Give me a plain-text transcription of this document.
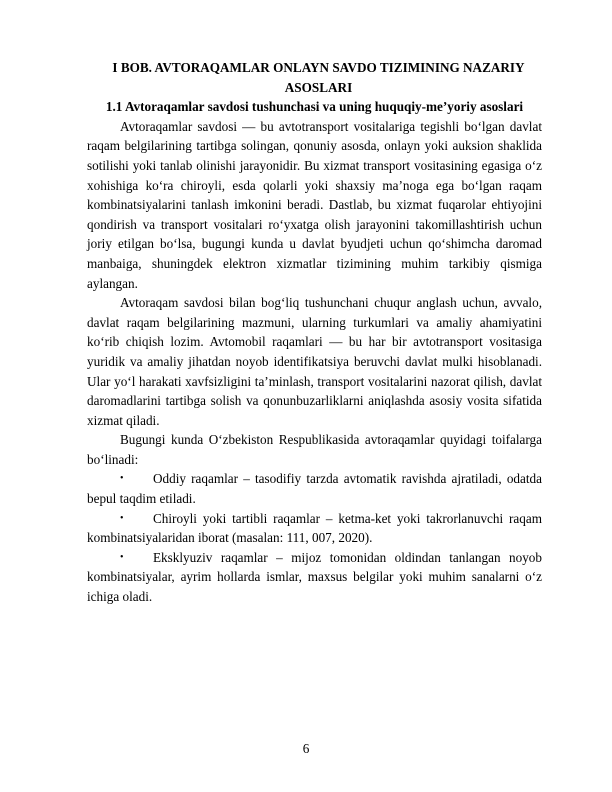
I BOB. AVTORAQAMLAR ONLAYN SAVDO TIZIMINING NAZARIY ASOSLARI

1.1 Avtoraqamlar savdosi tushunchasi va uning huquqiy-me’yoriy asoslari

Avtoraqamlar savdosi — bu avtotransport vositalariga tegishli bo‘lgan davlat raqam belgilarining tartibga solingan, qonuniy asosda, onlayn yoki auksion shaklida sotilishi yoki tanlab olinishi jarayonidir. Bu xizmat transport vositasining egasiga o‘z xohishiga ko‘ra chiroyli, esda qolarli yoki shaxsiy ma’noga ega bo‘lgan raqam kombinatsiyalarini tanlash imkonini beradi. Dastlab, bu xizmat fuqarolar ehtiyojini qondirish va transport vositalari ro‘yxatga olish jarayonini takomillashtirish uchun joriy etilgan bo‘lsa, bugungi kunda u davlat byudjeti uchun qo‘shimcha daromad manbaiga, shuningdek elektron xizmatlar tizimining muhim tarkibiy qismiga aylangan.

Avtoraqam savdosi bilan bog‘liq tushunchani chuqur anglash uchun, avvalo, davlat raqam belgilarining mazmuni, ularning turkumlari va amaliy ahamiyatini ko‘rib chiqish lozim. Avtomobil raqamlari — bu har bir avtotransport vositasiga yuridik va amaliy jihatdan noyob identifikatsiya beruvchi davlat mulki hisoblanadi. Ular yo‘l harakati xavfsizligini ta’minlash, transport vositalarini nazorat qilish, davlat daromadlarini tartibga solish va qonunbuzarliklarni aniqlashda asosiy vosita sifatida xizmat qiladi.

Bugungi kunda O‘zbekiston Respublikasida avtoraqamlar quyidagi toifalarga bo‘linadi:

• Oddiy raqamlar – tasodifiy tarzda avtomatik ravishda ajratiladi, odatda bepul taqdim etiladi.
• Chiroyli yoki tartibli raqamlar – ketma-ket yoki takrorlanuvchi raqam kombinatsiyalaridan iborat (masalan: 111, 007, 2020).
• Eksklyuziv raqamlar – mijoz tomonidan oldindan tanlangan noyob kombinatsiyalar, ayrim hollarda ismlar, maxsus belgilar yoki muhim sanalarni o‘z ichiga oladi.
6
